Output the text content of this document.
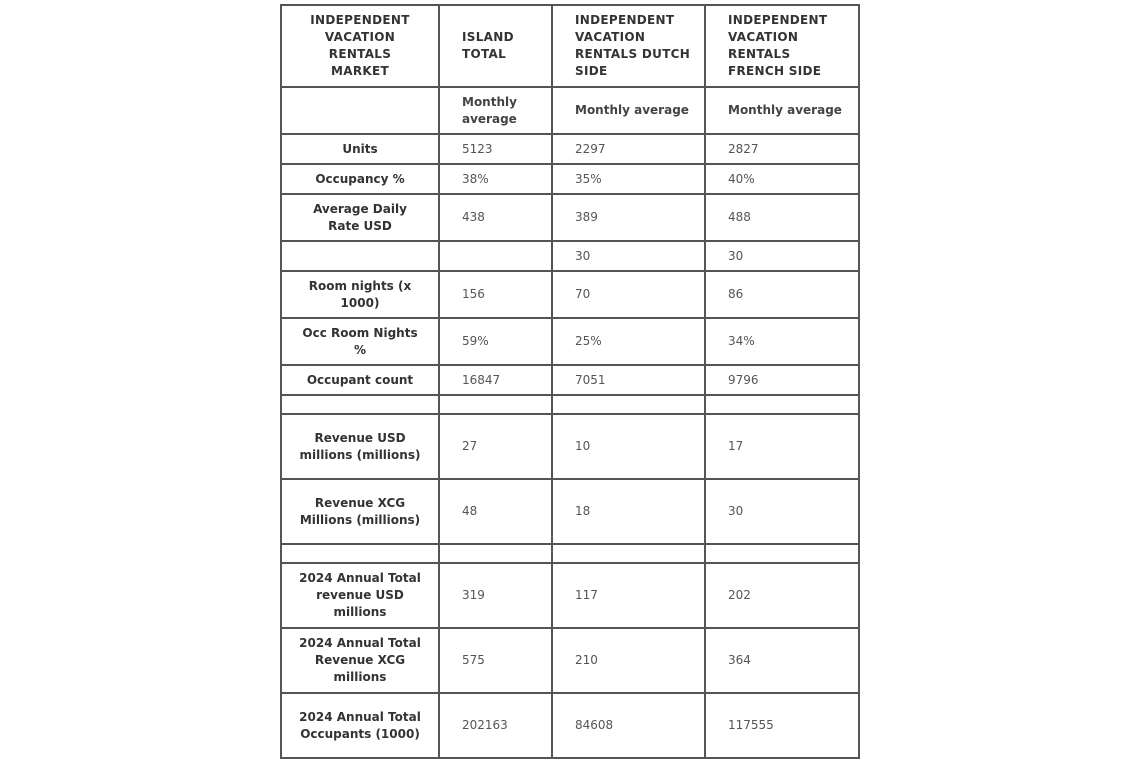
INDEPENDENT VACATION RENTALS MARKET	ISLAND TOTAL	INDEPENDENT VACATION RENTALS DUTCH SIDE	INDEPENDENT VACATION RENTALS FRENCH SIDE
	Monthly average	Monthly average	Monthly average
Units	5123	2297	2827
Occupancy %	38%	35%	40%
Average Daily Rate USD	438	389	488
		30	30
Room nights (x 1000)	156	70	86
Occ Room Nights %	59%	25%	34%
Occupant count	16847	7051	9796

Revenue USD millions (millions)	27	10	17
Revenue XCG Millions (millions)	48	18	30

2024 Annual Total revenue USD millions	319	117	202
2024 Annual Total Revenue XCG millions	575	210	364
2024 Annual Total Occupants (1000)	202163	84608	117555
